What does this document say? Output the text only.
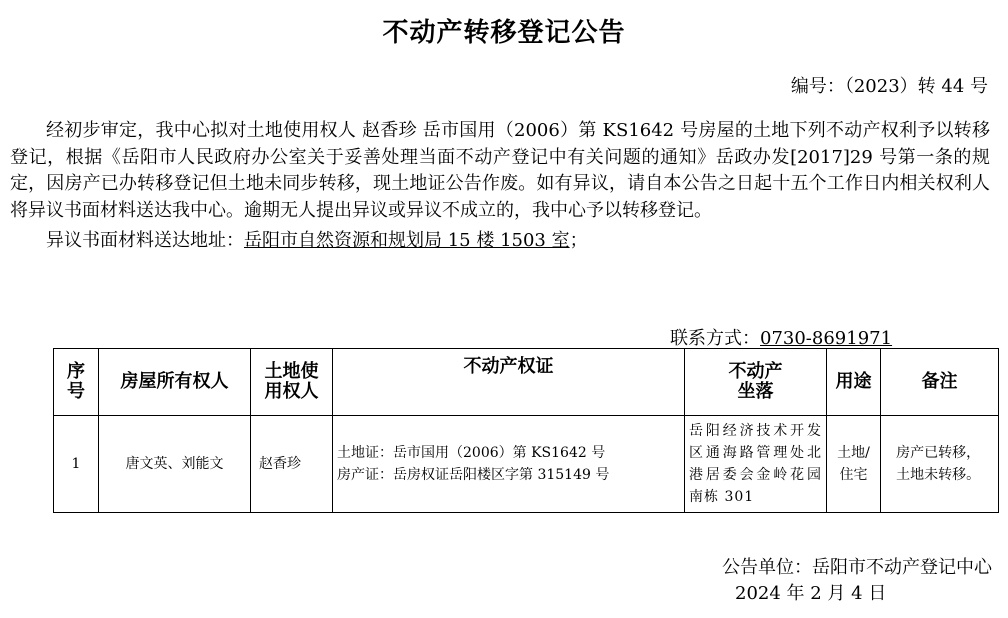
不动产转移登记公告
编号：（2023）转 44 号

经初步审定，我中心拟对土地使用权人 赵香珍 岳市国用（2006）第 KS1642 号房屋的土地下列不动产权利予以转移登记，根据《岳阳市人民政府办公室关于妥善处理当面不动产登记中有关问题的通知》岳政办发[2017]29 号第一条的规定，因房产已办转移登记但土地未同步转移，现土地证公告作废。如有异议，请自本公告之日起十五个工作日内相关权利人将异议书面材料送达我中心。逾期无人提出异议或异议不成立的，我中心予以转移登记。

异议书面材料送达地址：岳阳市自然资源和规划局 15 楼 1503 室；

联系方式：0730-8691971
序号	房屋所有权人	土地使用权人	不动产权证	不动产坐落	用途	备注
1	唐文英、刘能文	赵香珍	土地证：岳市国用（2006）第 KS1642 号
房产证：岳房权证岳阳楼区字第 315149 号	岳阳经济技术开发区通海路管理处北港居委会金岭花园南栋 301	土地/住宅	房产已转移，土地未转移。
公告单位：岳阳市不动产登记中心
2024 年 2 月 4 日
